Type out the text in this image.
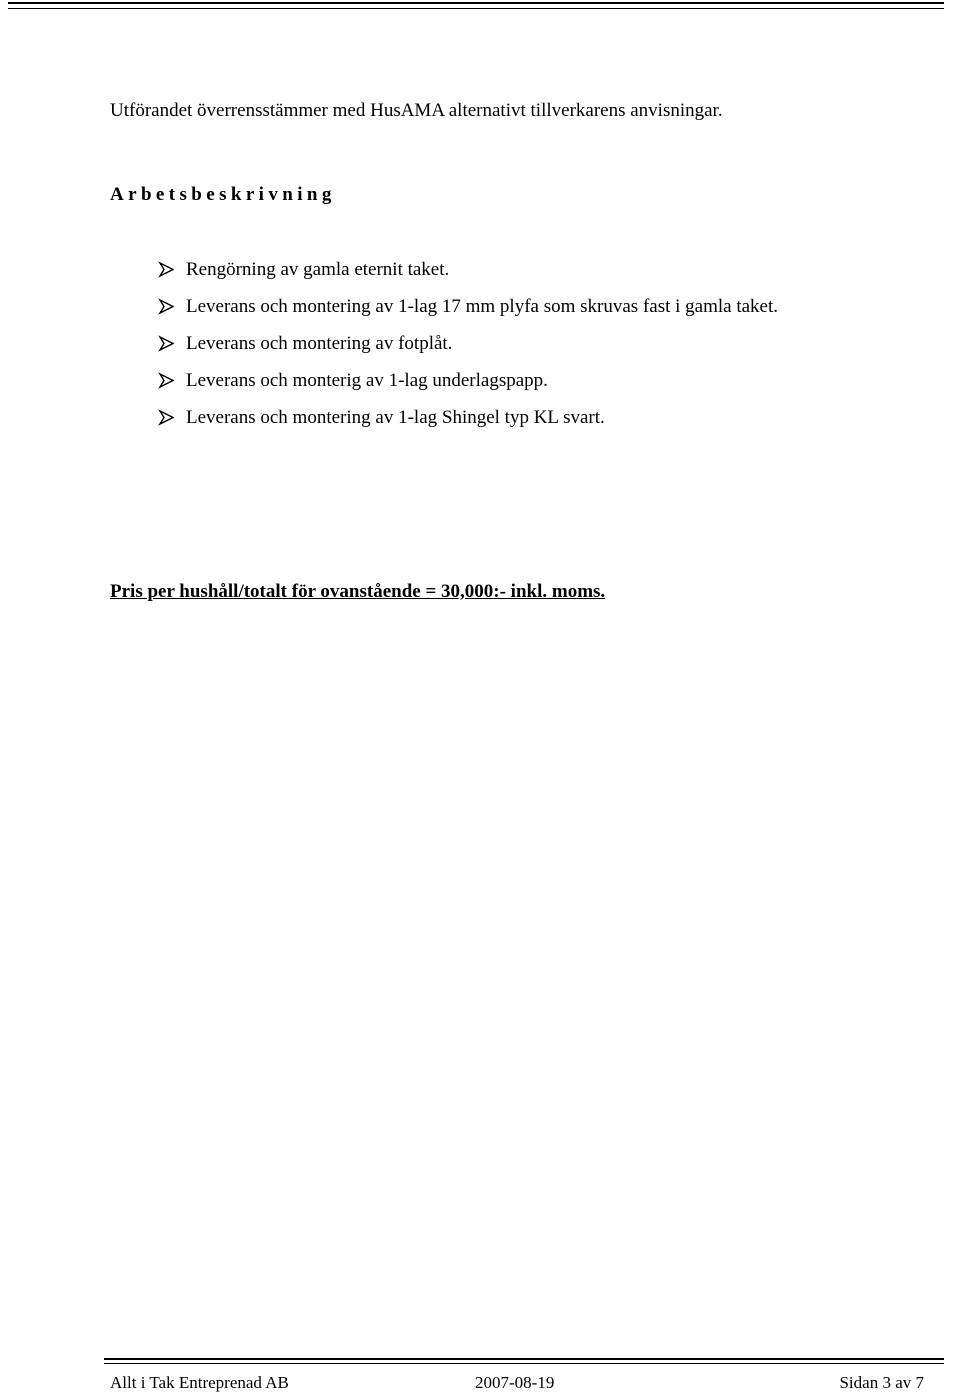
Utförandet överrensstämmer med HusAMA alternativt tillverkarens anvisningar.
Arbetsbeskrivning
Rengörning av gamla eternit taket.
Leverans och montering av 1-lag 17 mm plyfa som skruvas fast i gamla taket.
Leverans och montering av fotplåt.
Leverans och monterig av 1-lag underlagspapp.
Leverans och montering av 1-lag Shingel typ KL svart.
Pris per hushåll/totalt för ovanstående = 30,000:- inkl. moms.
Allt i Tak Entreprenad AB	2007-08-19	Sidan 3 av 7
